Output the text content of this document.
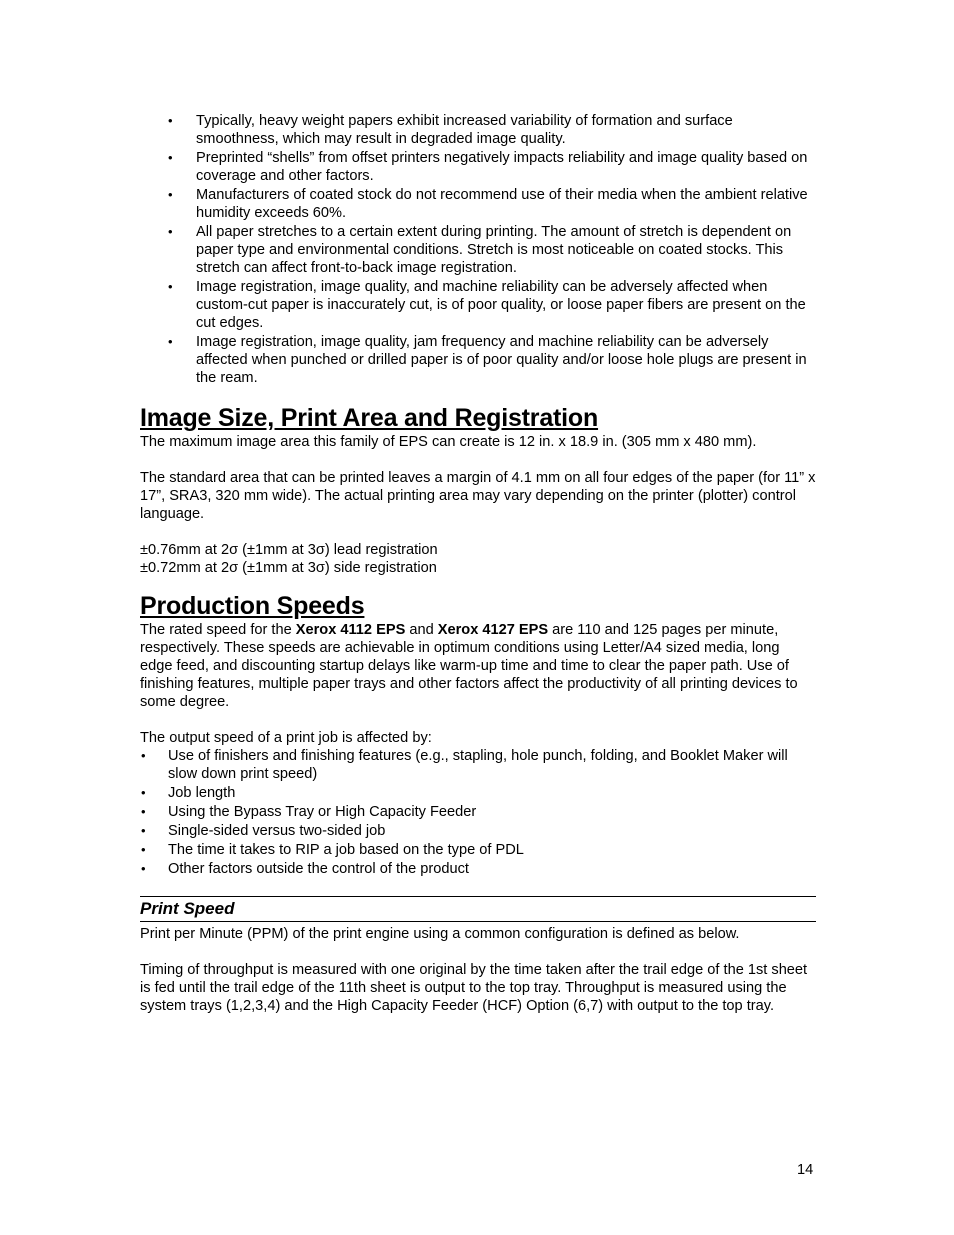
• Typically, heavy weight papers exhibit increased variability of formation and surface smoothness, which may result in degraded image quality.
• Preprinted “shells” from offset printers negatively impacts reliability and image quality based on coverage and other factors.
• Manufacturers of coated stock do not recommend use of their media when the ambient relative humidity exceeds 60%.
• All paper stretches to a certain extent during printing. The amount of stretch is dependent on paper type and environmental conditions. Stretch is most noticeable on coated stocks. This stretch can affect front-to-back image registration.
• Image registration, image quality, and machine reliability can be adversely affected when custom-cut paper is inaccurately cut, is of poor quality, or loose paper fibers are present on the cut edges.
• Image registration, image quality, jam frequency and machine reliability can be adversely affected when punched or drilled paper is of poor quality and/or loose hole plugs are present in the ream.
Image Size, Print Area and Registration

The maximum image area this family of EPS can create is 12 in. x 18.9 in. (305 mm x 480 mm).

The standard area that can be printed leaves a margin of 4.1 mm on all four edges of the paper (for 11” x 17”, SRA3, 320 mm wide). The actual printing area may vary depending on the printer (plotter) control language.

±0.76mm at 2σ (±1mm at 3σ) lead registration

±0.72mm at 2σ (±1mm at 3σ) side registration

Production Speeds

The rated speed for the Xerox 4112 EPS and Xerox 4127 EPS are 110 and 125 pages per minute, respectively. These speeds are achievable in optimum conditions using Letter/A4 sized media, long edge feed, and discounting startup delays like warm-up time and time to clear the paper path. Use of finishing features, multiple paper trays and other factors affect the productivity of all printing devices to some degree.

The output speed of a print job is affected by:

• Use of finishers and finishing features (e.g., stapling, hole punch, folding, and Booklet Maker will slow down print speed)
• Job length
• Using the Bypass Tray or High Capacity Feeder
• Single-sided versus two-sided job
• The time it takes to RIP a job based on the type of PDL
• Other factors outside the control of the product
Print Speed

Print per Minute (PPM) of the print engine using a common configuration is defined as below.

Timing of throughput is measured with one original by the time taken after the trail edge of the 1st sheet is fed until the trail edge of the 11th sheet is output to the top tray. Throughput is measured using the system trays (1,2,3,4) and the High Capacity Feeder (HCF) Option (6,7) with output to the top tray.

14
